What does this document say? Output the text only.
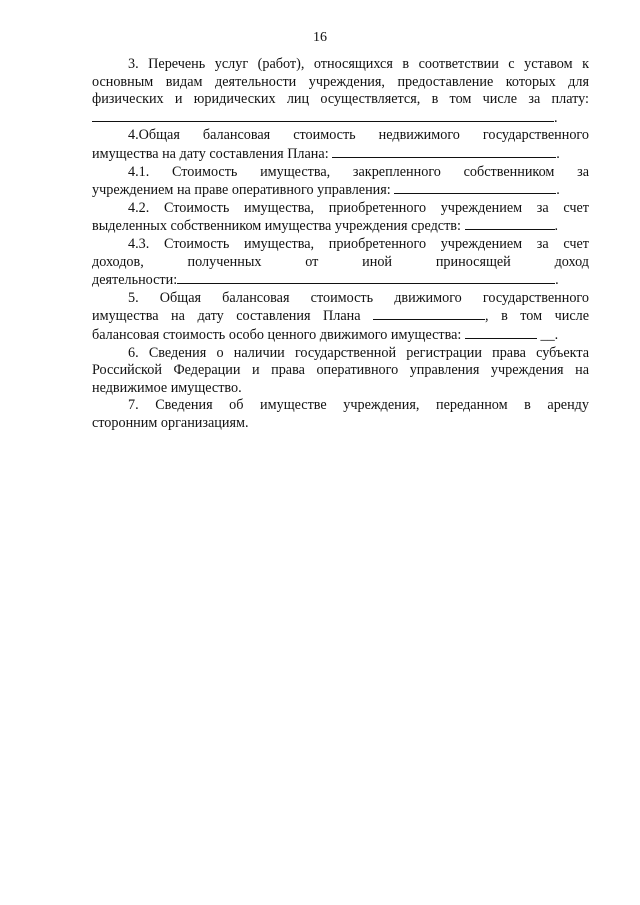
16
3. Перечень услуг (работ), относящихся в соответствии с уставом к
основным видам деятельности учреждения, предоставление которых для
физических и юридических лиц осуществляется, в том числе за плату:
.
4.Общая балансовая стоимость недвижимого государственного
имущества на дату составления Плана:	.
4.1. Стоимость имущества, закрепленного собственником за
учреждением на праве оперативного управления:	.
4.2. Стоимость имущества, приобретенного учреждением за счет
выделенных собственником имущества учреждения средств:	.
4.3. Стоимость имущества, приобретенного учреждением за счет
доходов, полученных от иной приносящей доход
деятельности:	.
5. Общая балансовая стоимость движимого государственного
имущества на дату составления Плана	, в том числе
балансовая стоимость особо ценного движимого имущества:	__.
6. Сведения о наличии государственной регистрации права субъекта
Российской Федерации и права оперативного управления учреждения на
недвижимое имущество.
7. Сведения об имуществе учреждения, переданном в аренду
сторонним организациям.
